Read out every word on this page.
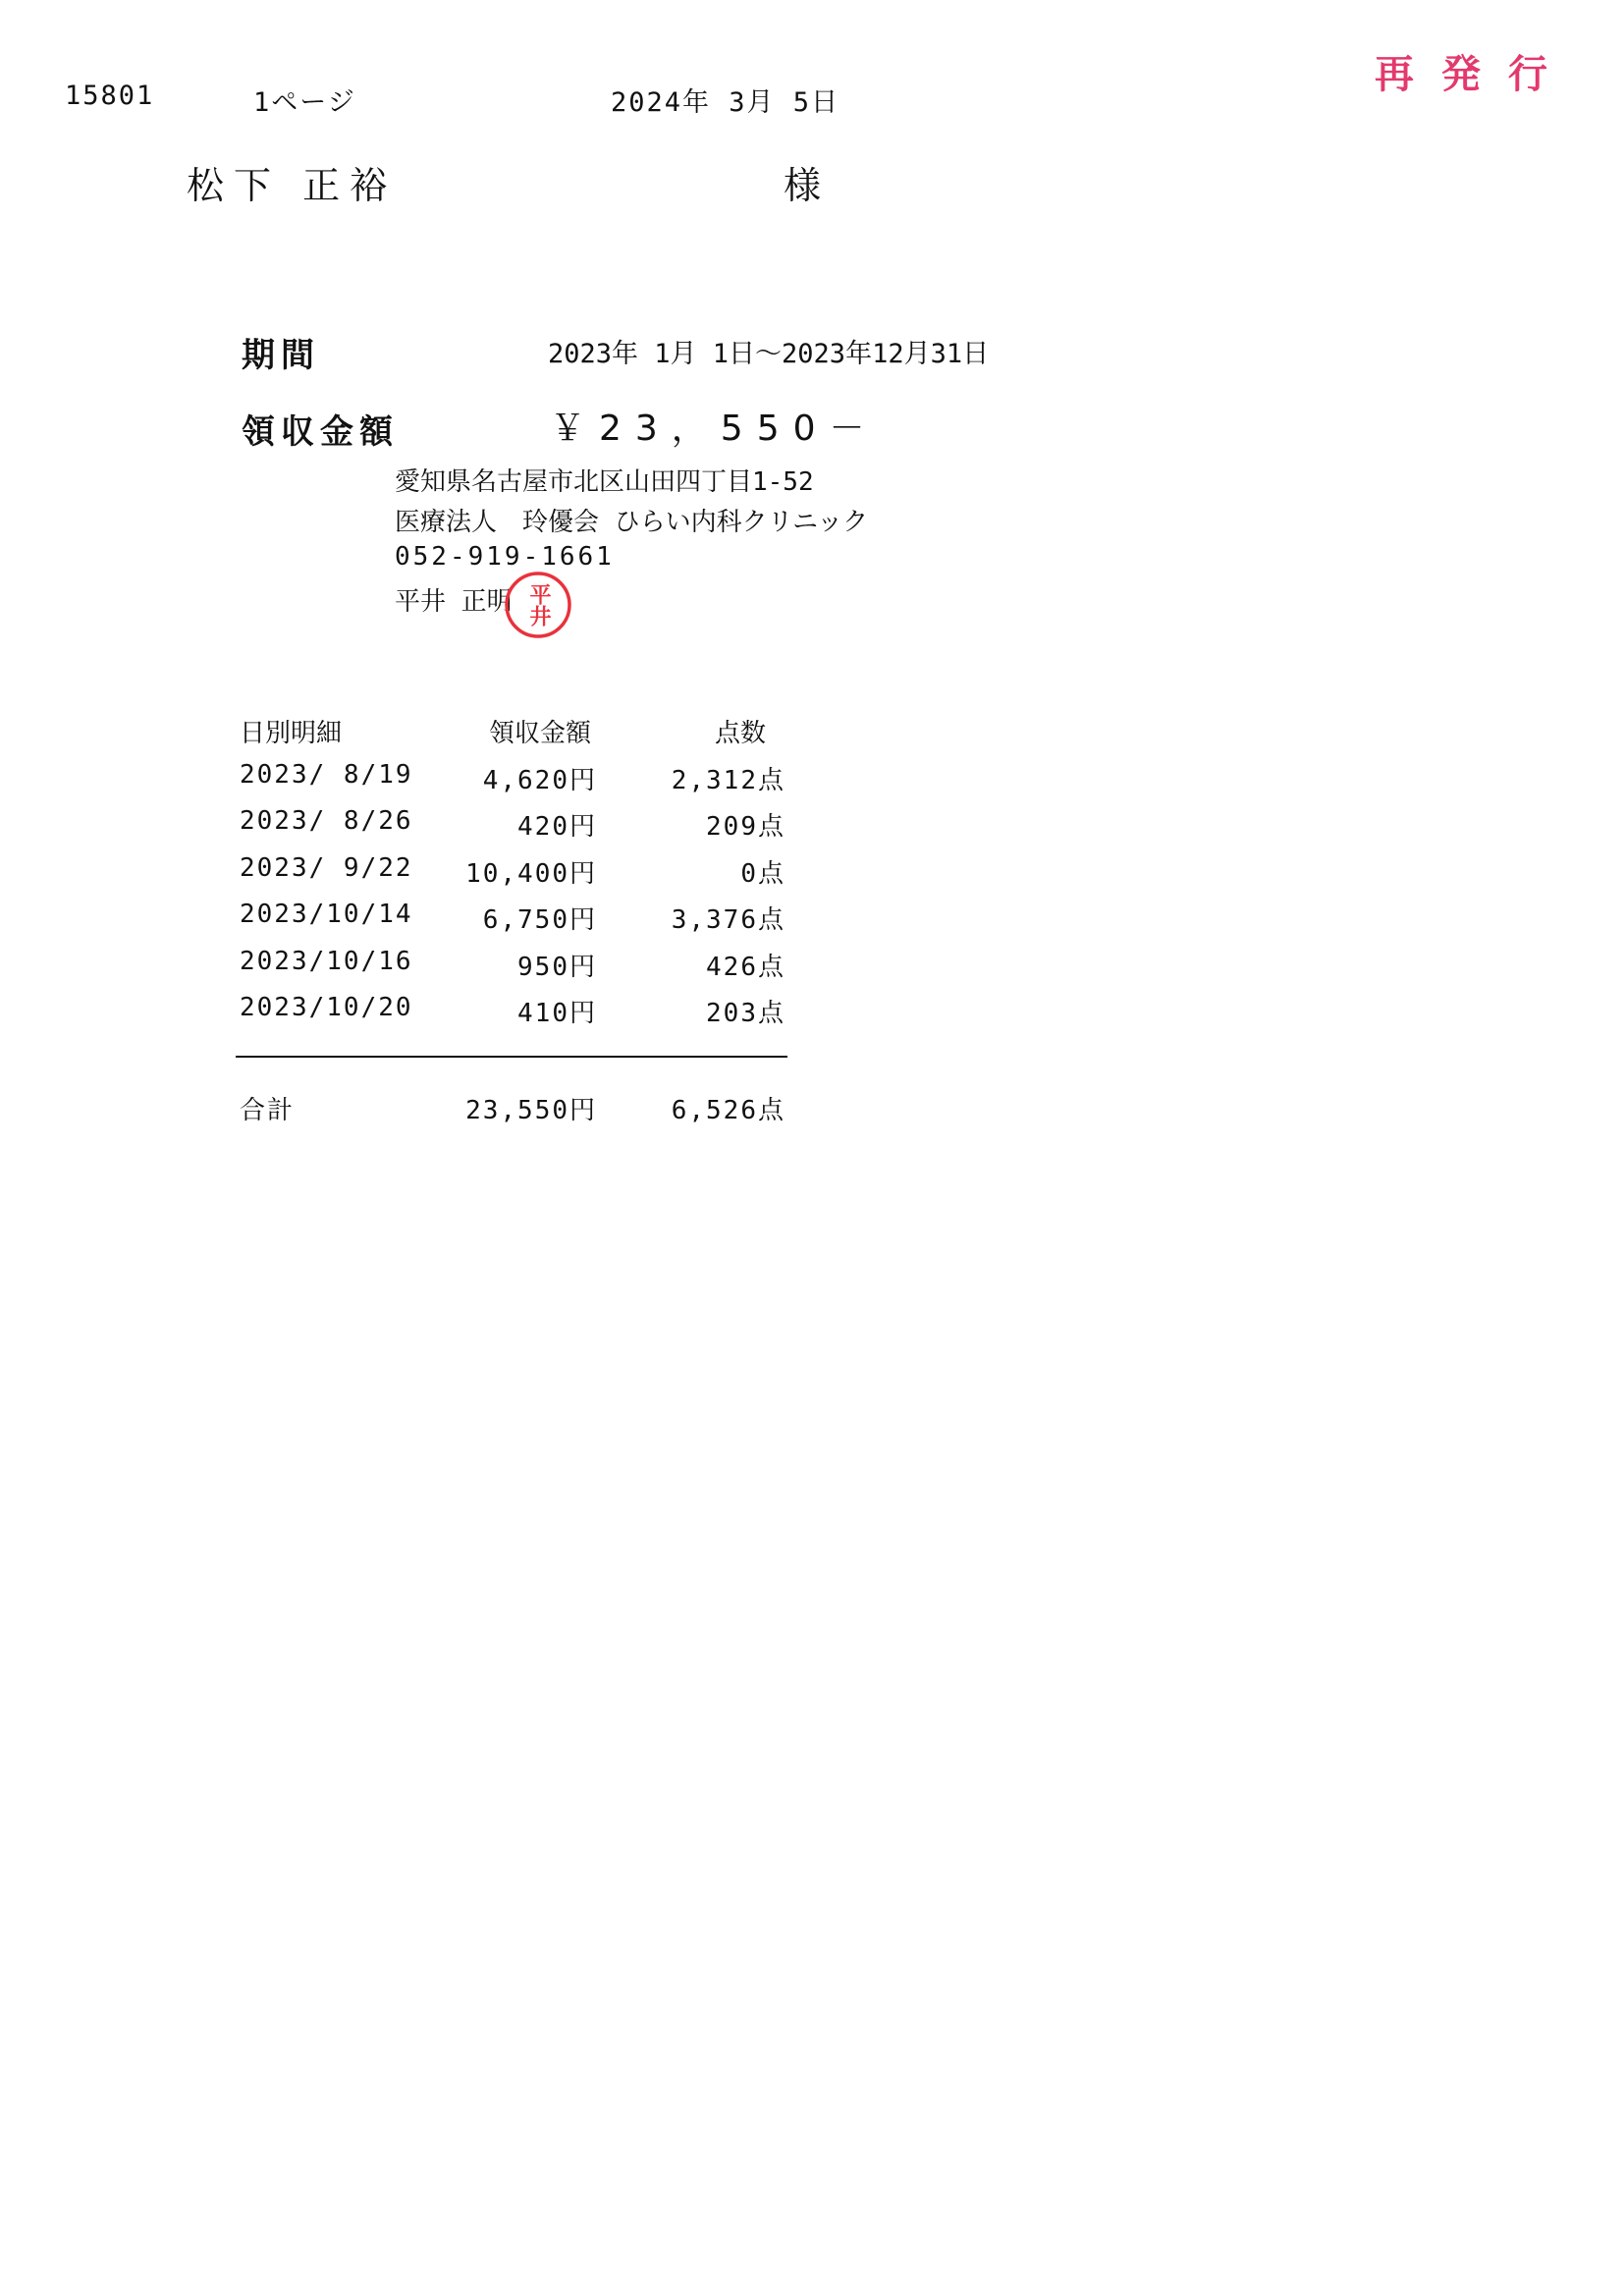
15801	1ページ	2024年 3月 5日
再発行
松下 正裕	様
期間	2023年 1月 1日～2023年12月31日
領収金額	￥23，550－
愛知県名古屋市北区山田四丁目1-52
医療法人　玲優会 ひらい内科クリニック
052-919-1661
平井 正明 平井
日別明細	領収金額	点数
2023/ 8/19	4,620円	2,312点
2023/ 8/26	420円	209点
2023/ 9/22 10,400円	0点
2023/10/14	6,750円	3,376点
2023/10/16	950円	426点
2023/10/20	410円	203点
合計	23,550円	6,526点
